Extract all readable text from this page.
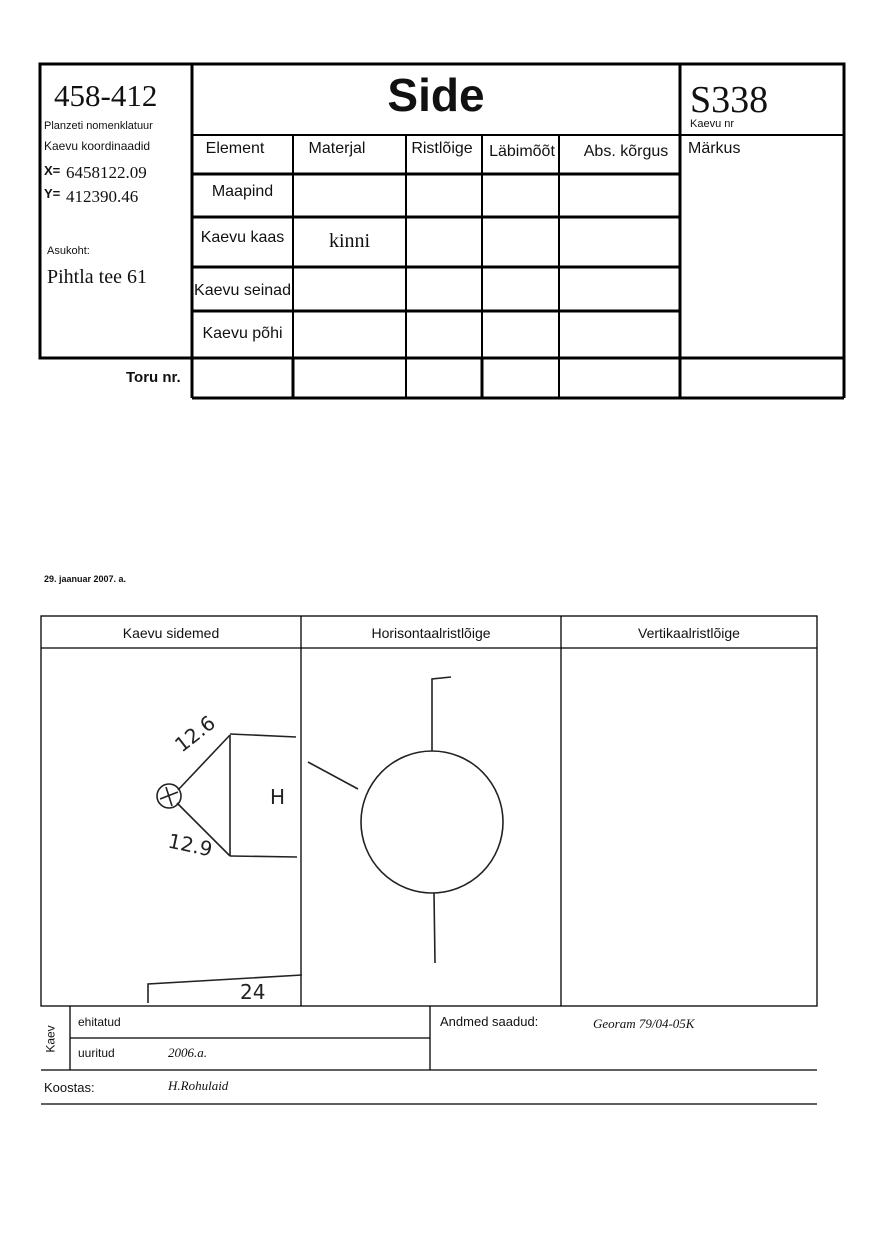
458-412
Planzeti nomenklatuur
Side	S338
Kaevu nr
Kaevu koordinaadid
X= 6458122.09
Y= 412390.46
Asukoht:
Pihtla tee 61
Element	Materjal	Ristlõige	Läbimõõt	Abs. kõrgus	Märkus
Maapind
Kaevu kaas	kinni
Kaevu seinad
Kaevu põhi
Toru nr.
29. jaanuar 2007. a.
Kaevu sidemed	Horisontaalristlõige	Vertikaalristlõige
12.6
12.9
H
24
Kaev
ehitatud
uuritud	2006.a.
Andmed saadud:	Georam 79/04-05K
Koostas:	H.Rohulaid
